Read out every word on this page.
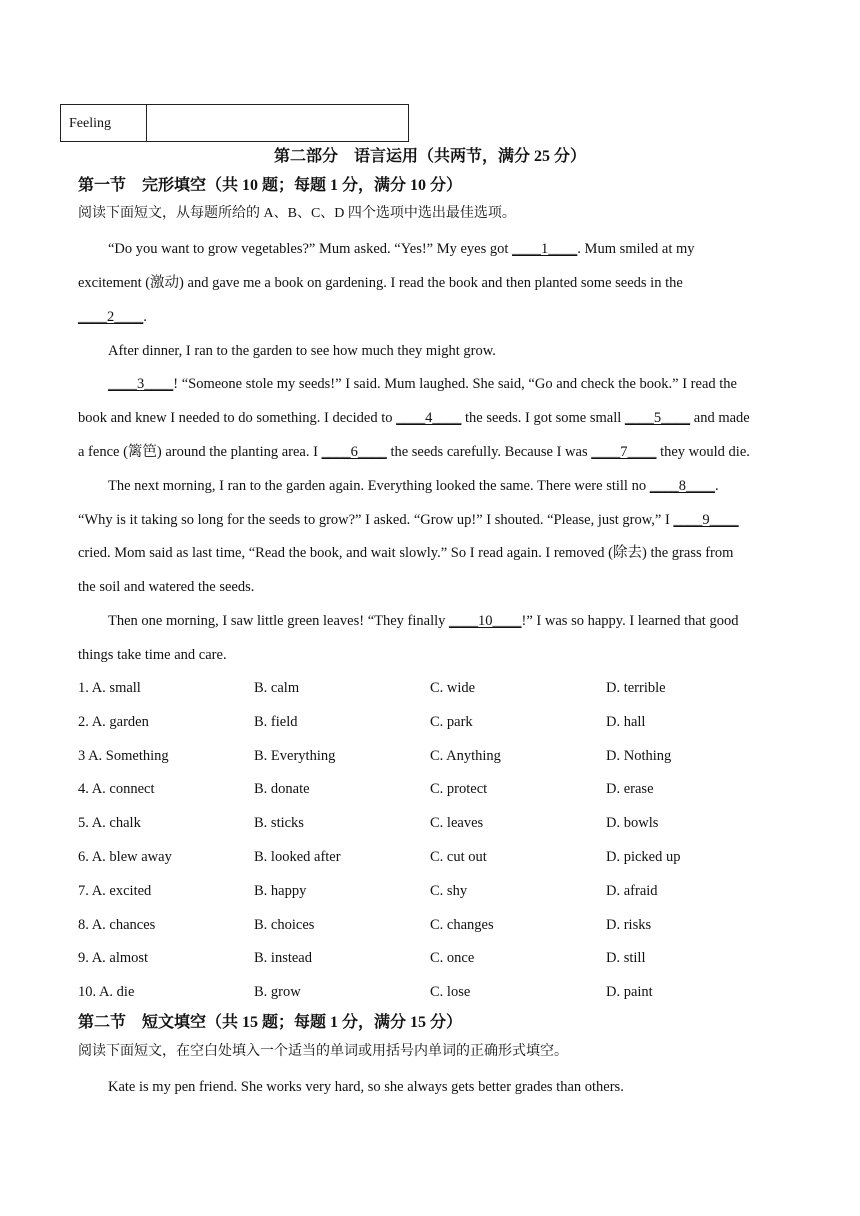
Feeling
第二部分　语言运用（共两节，满分 25 分）
第一节　完形填空（共 10 题；每题 1 分，满分 10 分）
阅读下面短文，从每题所给的 A、B、C、D 四个选项中选出最佳选项。
“Do you want to grow vegetables?” Mum asked. “Yes!” My eyes got ____1____. Mum smiled at my
excitement (激动) and gave me a book on gardening. I read the book and then planted some seeds in the
____2____.
After dinner, I ran to the garden to see how much they might grow.
____3____! “Someone stole my seeds!” I said. Mum laughed. She said, “Go and check the book.” I read the
book and knew I needed to do something. I decided to ____4____ the seeds. I got some small ____5____ and made
a fence (篱笆) around the planting area. I ____6____ the seeds carefully. Because I was ____7____ they would die.
The next morning, I ran to the garden again. Everything looked the same. There were still no ____8____.
“Why is it taking so long for the seeds to grow?” I asked. “Grow up!” I shouted. “Please, just grow,” I ____9____
cried. Mom said as last time, “Read the book, and wait slowly.” So I read again. I removed (除去) the grass from
the soil and watered the seeds.
Then one morning, I saw little green leaves! “They finally ____10____!” I was so happy. I learned that good
things take time and care.
1. A. small	B. calm	C. wide	D. terrible
2. A. garden	B. field	C. park	D. hall
3 A. Something	B. Everything	C. Anything	D. Nothing
4. A. connect	B. donate	C. protect	D. erase
5. A. chalk	B. sticks	C. leaves	D. bowls
6. A. blew away	B. looked after	C. cut out	D. picked up
7. A. excited	B. happy	C. shy	D. afraid
8. A. chances	B. choices	C. changes	D. risks
9. A. almost	B. instead	C. once	D. still
10. A. die	B. grow	C. lose	D. paint
第二节　短文填空（共 15 题；每题 1 分，满分 15 分）
阅读下面短文，在空白处填入一个适当的单词或用括号内单词的正确形式填空。
Kate is my pen friend. She works very hard, so she always gets better grades than others.
